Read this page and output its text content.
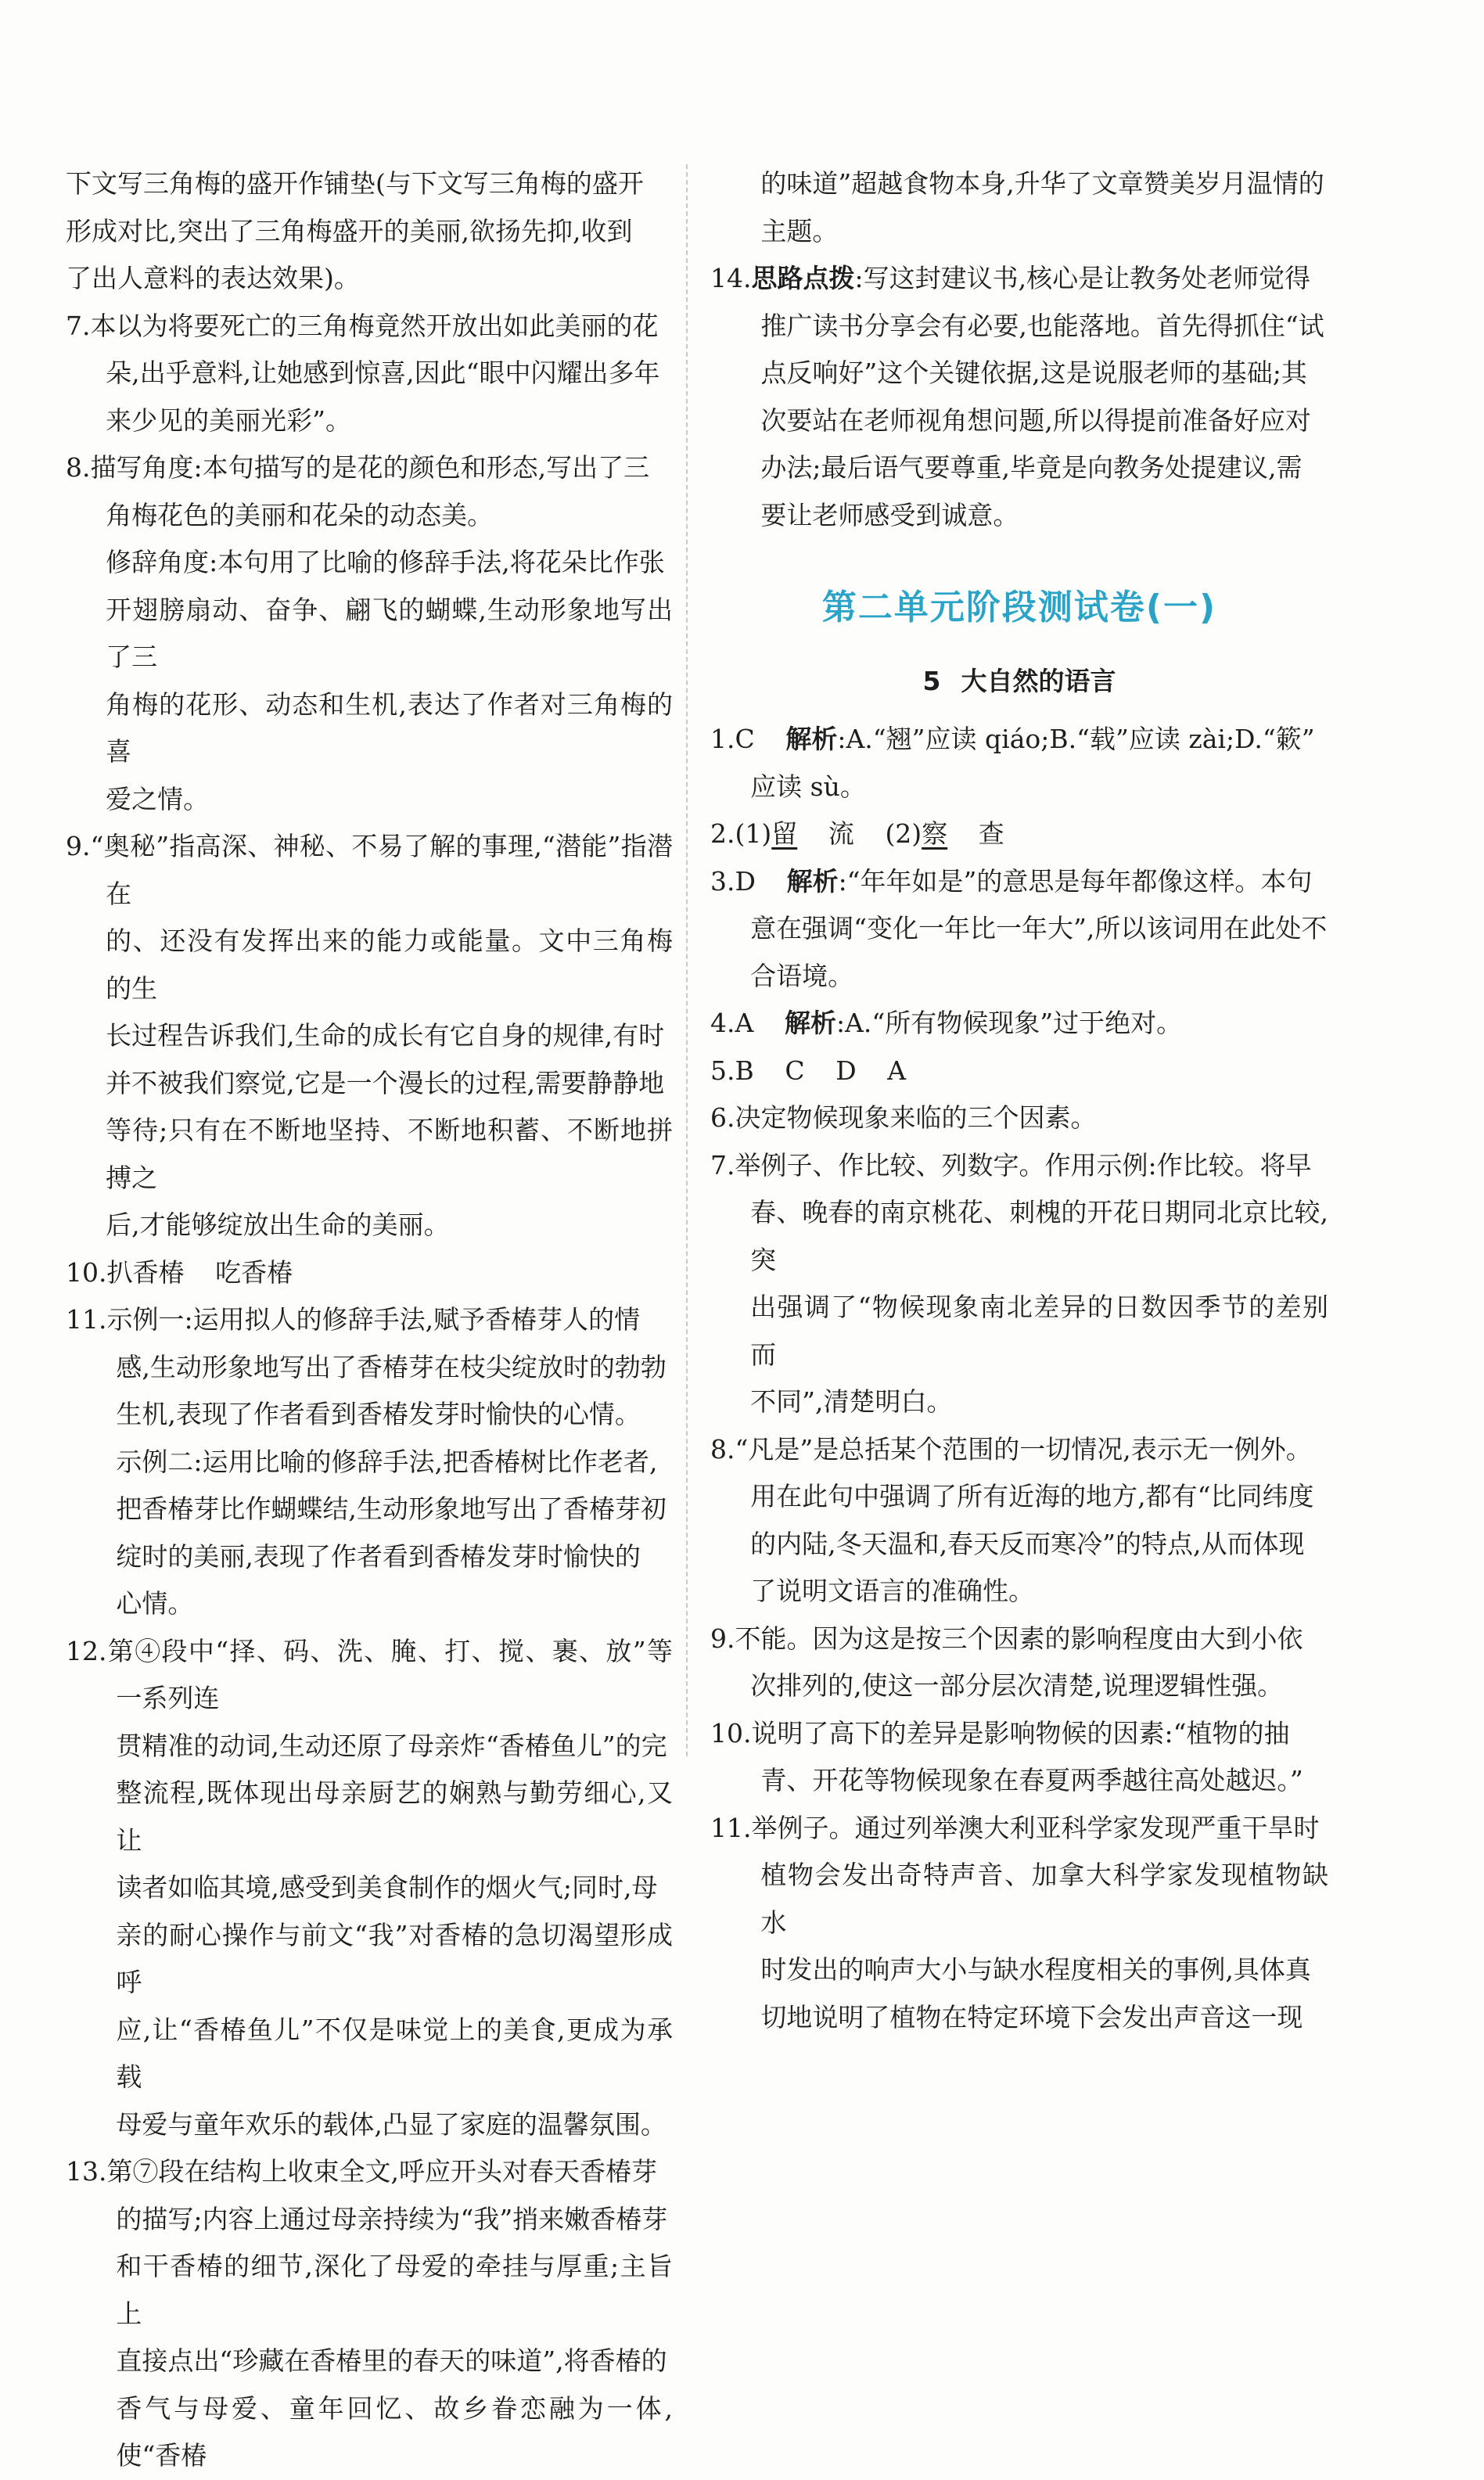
下文写三角梅的盛开作铺垫(与下文写三角梅的盛开
形成对比,突出了三角梅盛开的美丽,欲扬先抑,收到
了出人意料的表达效果)。

7.本以为将要死亡的三角梅竟然开放出如此美丽的花
朵,出乎意料,让她感到惊喜,因此“眼中闪耀出多年
来少见的美丽光彩”。

8.描写角度:本句描写的是花的颜色和形态,写出了三
角梅花色的美丽和花朵的动态美。

修辞角度:本句用了比喻的修辞手法,将花朵比作张
开翅膀扇动、奋争、翩飞的蝴蝶,生动形象地写出了三
角梅的花形、动态和生机,表达了作者对三角梅的喜
爱之情。

9.“奥秘”指高深、神秘、不易了解的事理,“潜能”指潜在
的、还没有发挥出来的能力或能量。文中三角梅的生
长过程告诉我们,生命的成长有它自身的规律,有时
并不被我们察觉,它是一个漫长的过程,需要静静地
等待;只有在不断地坚持、不断地积蓄、不断地拼搏之
后,才能够绽放出生命的美丽。

10.扒香椿 吃香椿

11.示例一:运用拟人的修辞手法,赋予香椿芽人的情
感,生动形象地写出了香椿芽在枝尖绽放时的勃勃
生机,表现了作者看到香椿发芽时愉快的心情。

示例二:运用比喻的修辞手法,把香椿树比作老者,
把香椿芽比作蝴蝶结,生动形象地写出了香椿芽初
绽时的美丽,表现了作者看到香椿发芽时愉快的
心情。

12.第④段中“择、码、洗、腌、打、搅、裹、放”等一系列连
贯精准的动词,生动还原了母亲炸“香椿鱼儿”的完
整流程,既体现出母亲厨艺的娴熟与勤劳细心,又让
读者如临其境,感受到美食制作的烟火气;同时,母
亲的耐心操作与前文“我”对香椿的急切渴望形成呼
应,让“香椿鱼儿”不仅是味觉上的美食,更成为承载
母爱与童年欢乐的载体,凸显了家庭的温馨氛围。

13.第⑦段在结构上收束全文,呼应开头对春天香椿芽
的描写;内容上通过母亲持续为“我”捎来嫩香椿芽
和干香椿的细节,深化了母爱的牵挂与厚重;主旨上
直接点出“珍藏在香椿里的春天的味道”,将香椿的
香气与母爱、童年回忆、故乡眷恋融为一体,使“香椿

的味道”超越食物本身,升华了文章赞美岁月温情的
主题。

14.思路点拨:写这封建议书,核心是让教务处老师觉得
推广读书分享会有必要,也能落地。首先得抓住“试
点反响好”这个关键依据,这是说服老师的基础;其
次要站在老师视角想问题,所以得提前准备好应对
办法;最后语气要尊重,毕竟是向教务处提建议,需
要让老师感受到诚意。

第二单元阶段测试卷(一)
5 大自然的语言

1.C 解析:A.“翘”应读 qiáo;B.“载”应读 zài;D.“簌”
应读 sù。

2.(1)留 流 (2)察 查

3.D 解析:“年年如是”的意思是每年都像这样。本句
意在强调“变化一年比一年大”,所以该词用在此处不
合语境。

4.A 解析:A.“所有物候现象”过于绝对。

5.B C D A

6.决定物候现象来临的三个因素。

7.举例子、作比较、列数字。作用示例:作比较。将早
春、晚春的南京桃花、刺槐的开花日期同北京比较,突
出强调了“物候现象南北差异的日数因季节的差别而
不同”,清楚明白。

8.“凡是”是总括某个范围的一切情况,表示无一例外。
用在此句中强调了所有近海的地方,都有“比同纬度
的内陆,冬天温和,春天反而寒冷”的特点,从而体现
了说明文语言的准确性。

9.不能。因为这是按三个因素的影响程度由大到小依
次排列的,使这一部分层次清楚,说理逻辑性强。

10.说明了高下的差异是影响物候的因素:“植物的抽
青、开花等物候现象在春夏两季越往高处越迟。”

11.举例子。通过列举澳大利亚科学家发现严重干旱时
植物会发出奇特声音、加拿大科学家发现植物缺水
时发出的响声大小与缺水程度相关的事例,具体真
切地说明了植物在特定环境下会发出声音这一现
